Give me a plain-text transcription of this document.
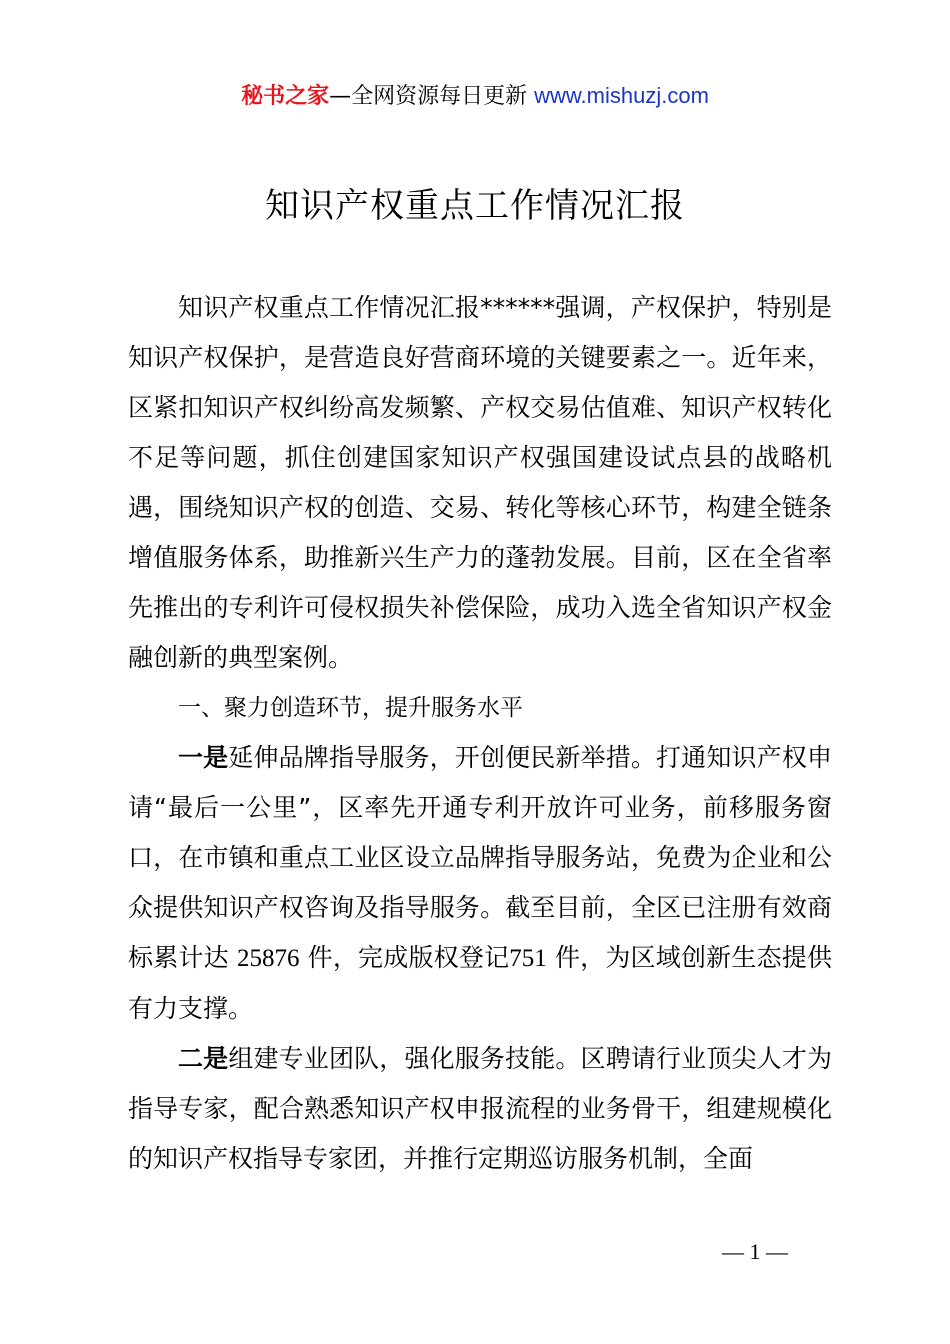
秘书之家—全网资源每日更新 www.mishuzj.com
知识产权重点工作情况汇报

知识产权重点工作情况汇报******强调，产权保护，特别是知识产权保护，是营造良好营商环境的关键要素之一。近年来，区紧扣知识产权纠纷高发频繁、产权交易估值难、知识产权转化不足等问题，抓住创建国家知识产权强国建设试点县的战略机遇，围绕知识产权的创造、交易、转化等核心环节，构建全链条增值服务体系，助推新兴生产力的蓬勃发展。目前，区在全省率先推出的专利许可侵权损失补偿保险，成功入选全省知识产权金融创新的典型案例。

一、聚力创造环节，提升服务水平

一是延伸品牌指导服务，开创便民新举措。打通知识产权申请“最后一公里”，区率先开通专利开放许可业务，前移服务窗口，在市镇和重点工业区设立品牌指导服务站，免费为企业和公众提供知识产权咨询及指导服务。截至目前，全区已注册有效商标累计达 25876 件，完成版权登记751 件，为区域创新生态提供有力支撑。

二是组建专业团队，强化服务技能。区聘请行业顶尖人才为指导专家，配合熟悉知识产权申报流程的业务骨干，组建规模化的知识产权指导专家团，并推行定期巡访服务机制，全面

— 1 —
